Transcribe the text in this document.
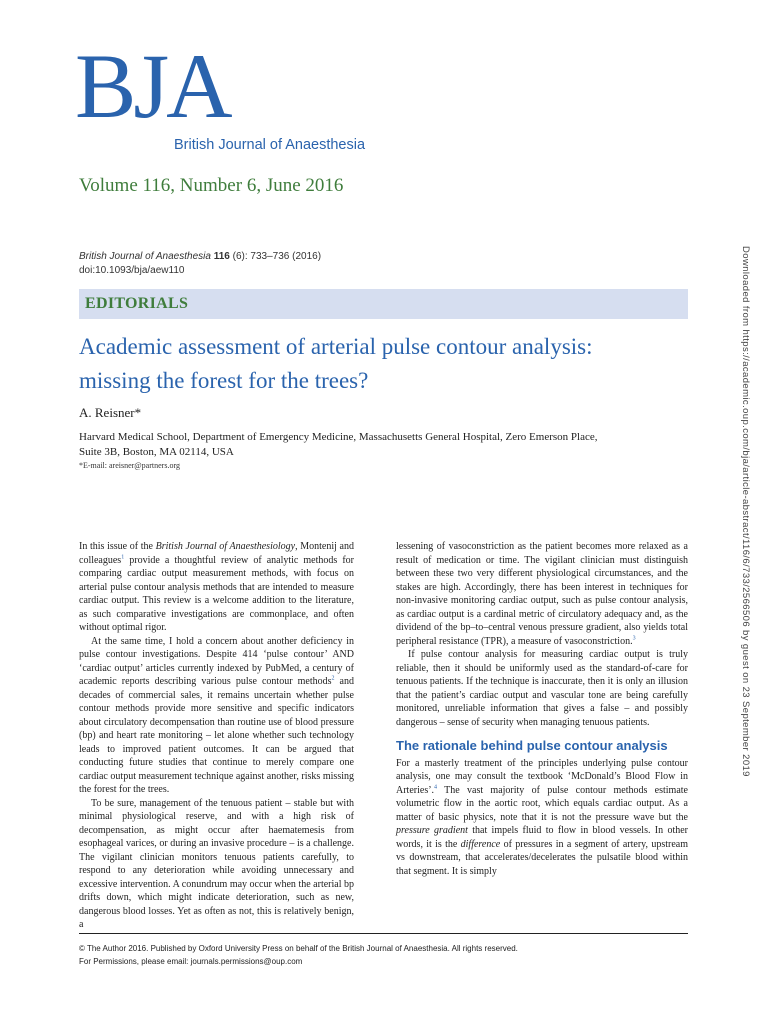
BJA
British Journal of Anaesthesia
Volume 116, Number 6, June 2016
British Journal of Anaesthesia 116 (6): 733–736 (2016)
doi:10.1093/bja/aew110
EDITORIALS
Academic assessment of arterial pulse contour analysis:
missing the forest for the trees?
A. Reisner*
Harvard Medical School, Department of Emergency Medicine, Massachusetts General Hospital, Zero Emerson Place,
Suite 3B, Boston, MA 02114, USA
*E-mail: areisner@partners.org

In this issue of the British Journal of Anaesthesiology, Montenij and colleagues$^1$ provide a thoughtful review of analytic methods for comparing cardiac output measurement methods, with focus on arterial pulse contour analysis methods that are intended to measure cardiac output. This review is a welcome addition to the literature, as such comparative investigations are commonplace, and often without optimal rigor.

At the same time, I hold a concern about another deficiency in pulse contour investigations. Despite 414 ‘pulse contour’ AND ‘cardiac output’ articles currently indexed by PubMed, a century of academic reports describing various pulse contour methods$^2$ and decades of commercial sales, it remains uncertain whether pulse contour methods provide more sensitive and specific indicators about circulatory decompensation than routine use of blood pressure (bp) and heart rate monitoring – let alone whether such technology leads to improved patient outcomes. It can be argued that conducting future studies that continue to merely compare one cardiac output measurement technique against another, risks missing the forest for the trees.

To be sure, management of the tenuous patient – stable but with minimal physiological reserve, and with a high risk of decompensation, as might occur after haematemesis from esophageal varices, or during an invasive procedure – is a challenge. The vigilant clinician monitors tenuous patients carefully, to respond to any deterioration while avoiding unnecessary and excessive intervention. A conundrum may occur when the arterial bp drifts down, which might indicate deterioration, such as new, dangerous blood losses. Yet as often as not, this is relatively benign, a

lessening of vasoconstriction as the patient becomes more relaxed as a result of medication or time. The vigilant clinician must distinguish between these two very different physiological circumstances, and the stakes are high. Accordingly, there has been interest in techniques for non-invasive monitoring cardiac output, such as pulse contour analysis, as cardiac output is a cardinal metric of circulatory adequacy and, as the dividend of the bp–to–central venous pressure gradient, also yields total peripheral resistance (TPR), a measure of vasoconstriction.$^3$

If pulse contour analysis for measuring cardiac output is truly reliable, then it should be uniformly used as the standard-of-care for tenuous patients. If the technique is inaccurate, then it is only an illusion that the patient’s cardiac output and vascular tone are being carefully monitored, unreliable information that gives a false – and possibly dangerous – sense of security when managing tenuous patients.

The rationale behind pulse contour analysis

For a masterly treatment of the principles underlying pulse contour analysis, one may consult the textbook ‘McDonald’s Blood Flow in Arteries’.$^4$ The vast majority of pulse contour methods estimate volumetric flow in the aortic root, which equals cardiac output. As a matter of basic physics, note that it is not the pressure wave but the pressure gradient that impels fluid to flow in blood vessels. In other words, it is the difference of pressures in a segment of artery, upstream vs downstream, that accelerates/decelerates the pulsatile blood within that segment. It is simply

© The Author 2016. Published by Oxford University Press on behalf of the British Journal of Anaesthesia. All rights reserved.
For Permissions, please email: journals.permissions@oup.com
Downloaded from https://academic.oup.com/bja/article-abstract/116/6/733/2566506 by guest on 23 September 2019
